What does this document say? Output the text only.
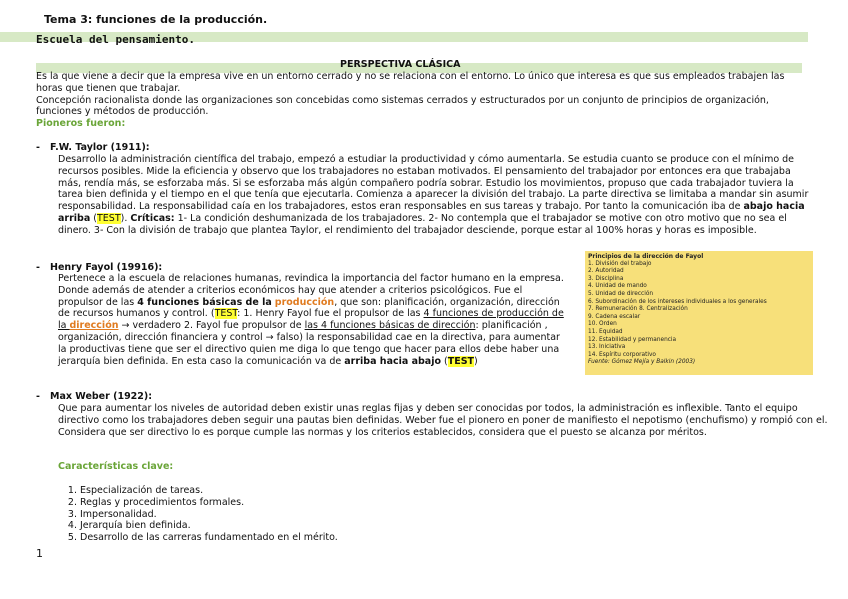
Tema 3: funciones de la producción.
Escuela del pensamiento.
PERSPECTIVA CLÁSICA
Es la que viene a decir que la empresa vive en un entorno cerrado y no se relaciona con el entorno. Lo único que interesa es que sus empleados trabajen las horas que tienen que trabajar.
Concepción racionalista donde las organizaciones son concebidas como sistemas cerrados y estructurados por un conjunto de principios de organización, funciones y métodos de producción.
Pioneros fueron:
- F.W. Taylor (1911):
Desarrollo la administración científica del trabajo, empezó a estudiar la productividad y cómo aumentarla. Se estudia cuanto se produce con el mínimo de recursos posibles. Mide la eficiencia y observo que los trabajadores no estaban motivados. El pensamiento del trabajador por entonces era que trabajaba más, rendía más, se esforzaba más. Si se esforzaba más algún compañero podría sobrar. Estudio los movimientos, propuso que cada trabajador tuviera la tarea bien definida y el tiempo en el que tenía que ejecutarla. Comienza a aparecer la división del trabajo. La parte directiva se limitaba a mandar sin asumir responsabilidad. La responsabilidad caía en los trabajadores, estos eran responsables en sus tareas y trabajo. Por tanto la comunicación iba de abajo hacia arriba (TEST). Críticas: 1- La condición deshumanizada de los trabajadores. 2- No contempla que el trabajador se motive con otro motivo que no sea el dinero. 3- Con la división de trabajo que plantea Taylor, el rendimiento del trabajador desciende, porque estar al 100% horas y horas es imposible.
- Henry Fayol (19916):
Pertenece a la escuela de relaciones humanas, revindica la importancia del factor humano en la empresa. Donde además de atender a criterios económicos hay que atender a criterios psicológicos. Fue el propulsor de las 4 funciones básicas de la producción, que son: planificación, organización, dirección de recursos humanos y control. (TEST: 1. Henry Fayol fue el propulsor de las 4 funciones de producción de la dirección → verdadero 2. Fayol fue propulsor de las 4 funciones básicas de dirección: planificación , organización, dirección financiera y control → falso) la responsabilidad cae en la directiva, para aumentar la productivas tiene que ser el directivo quien me diga lo que tengo que hacer para ellos debe haber una jerarquía bien definida. En esta caso la comunicación va de arriba hacia abajo (TEST)
Principios de la dirección de Fayol
1. División del trabajo
2. Autoridad
3. Disciplina
4. Unidad de mando
5. Unidad de dirección
6. Subordinación de los intereses individuales a los generales
7. Remuneración 8. Centralización
9. Cadena escalar
10. Orden
11. Equidad
12. Estabilidad y permanencia
13. Iniciativa
14. Espíritu corporativo
Fuente: Gómez Mejía y Balkin (2003)
- Max Weber (1922):
Que para aumentar los niveles de autoridad deben existir unas reglas fijas y deben ser conocidas por todos, la administración es inflexible. Tanto el equipo directivo como los trabajadores deben seguir una pautas bien definidas. Weber fue el pionero en poner de manifiesto el nepotismo (enchufismo) y rompió con el. Considera que ser directivo lo es porque cumple las normas y los criterios establecidos, considera que el puesto se alcanza por méritos.
Características clave:
1. Especialización de tareas.
2. Reglas y procedimientos formales.
3. Impersonalidad.
4. Jerarquía bien definida.
5. Desarrollo de las carreras fundamentado en el mérito.
1
